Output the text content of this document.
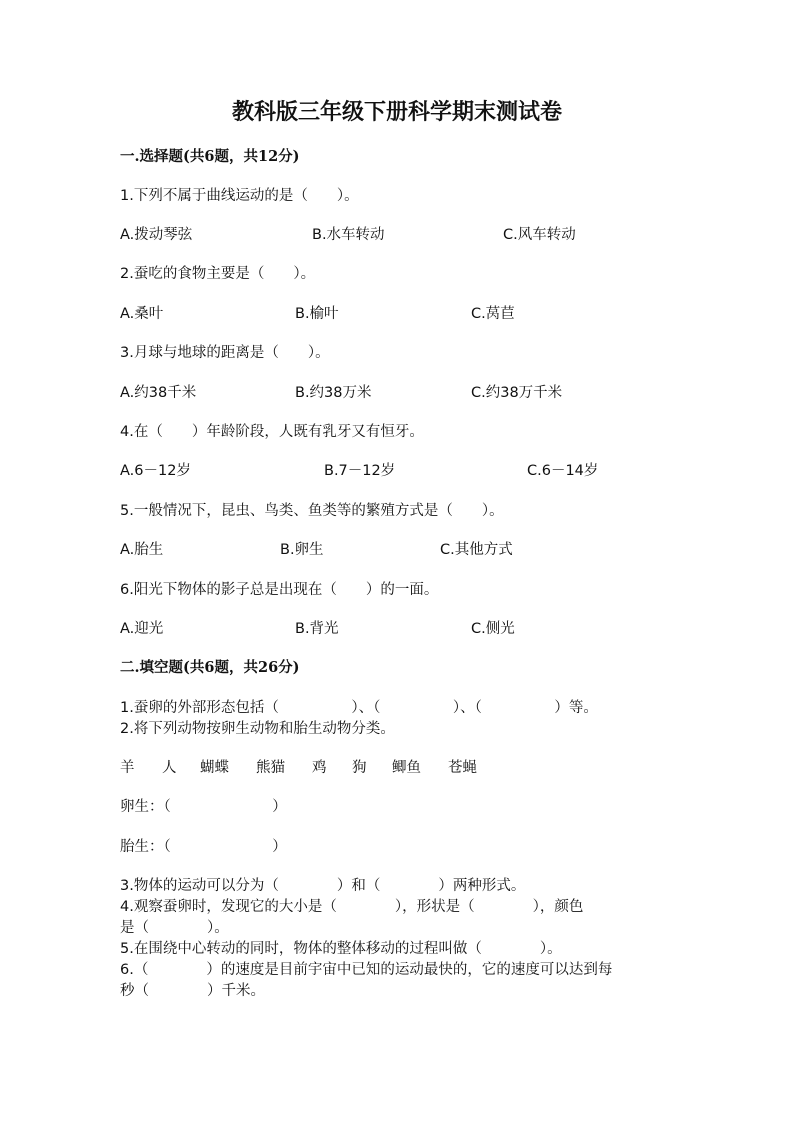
教科版三年级下册科学期末测试卷
一.选择题(共6题，共12分)
1.下列不属于曲线运动的是（　　）。
A.拨动琴弦	B.水车转动	C.风车转动
2.蚕吃的食物主要是（　　）。
A.桑叶	B.榆叶	C.莴苣
3.月球与地球的距离是（　　）。
A.约38千米	B.约38万米	C.约38万千米
4.在（　　）年龄阶段，人既有乳牙又有恒牙。
A.6－12岁	B.7－12岁	C.6－14岁
5.一般情况下，昆虫、鸟类、鱼类等的繁殖方式是（　　）。
A.胎生	B.卵生	C.其他方式
6.阳光下物体的影子总是出现在（　　）的一面。
A.迎光	B.背光	C.侧光
二.填空题(共6题，共26分)
1.蚕卵的外部形态包括（　　　　　）、（　　　　　）、（　　　　　）等。
2.将下列动物按卵生动物和胎生动物分类。
羊 人 蝴蝶 熊猫 鸡 狗 鲫鱼 苍蝇
卵生：（　　　　　　　）
胎生：（　　　　　　　）
3.物体的运动可以分为（　　　　）和（　　　　）两种形式。
4.观察蚕卵时，发现它的大小是（　　　　），形状是（　　　　），颜色
是（　　　　）。
5.在围绕中心转动的同时，物体的整体移动的过程叫做（　　　　）。
6.（　　　　）的速度是目前宇宙中已知的运动最快的，它的速度可以达到每
秒（　　　　）千米。
